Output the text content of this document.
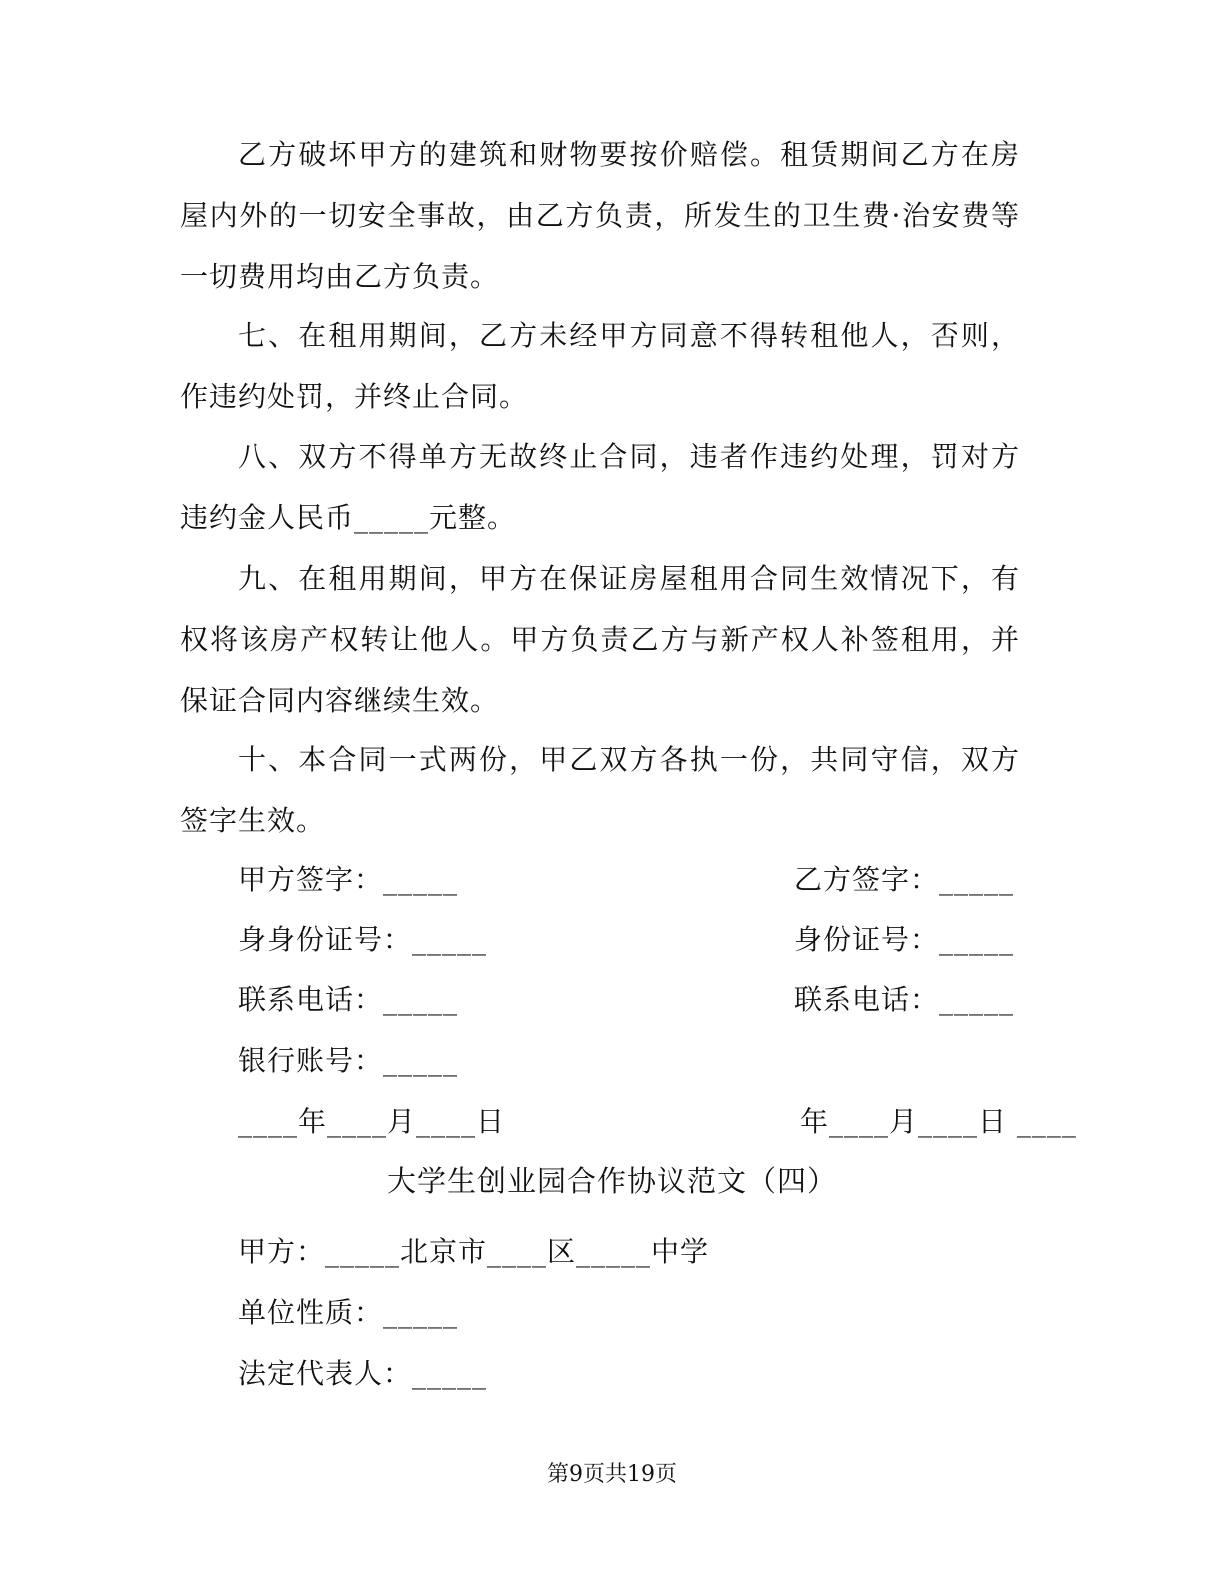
乙方破坏甲方的建筑和财物要按价赔偿。租赁期间乙方在房屋内外的一切安全事故，由乙方负责，所发生的卫生费·治安费等一切费用均由乙方负责。

七、在租用期间，乙方未经甲方同意不得转租他人，否则，作违约处罚，并终止合同。

八、双方不得单方无故终止合同，违者作违约处理，罚对方违约金人民币_____元整。

九、在租用期间，甲方在保证房屋租用合同生效情况下，有权将该房产权转让他人。甲方负责乙方与新产权人补签租用，并保证合同内容继续生效。

十、本合同一式两份，甲乙双方各执一份，共同守信，双方签字生效。

甲方签字：_____	乙方签字：_____
身身份证号：_____	身份证号：_____
联系电话：_____	联系电话：_____
银行账号：_____
____年____月____日	年____月____日 ____
大学生创业园合作协议范文（四）
甲方：_____北京市____区_____中学
单位性质：_____
法定代表人：_____
第9页共19页
